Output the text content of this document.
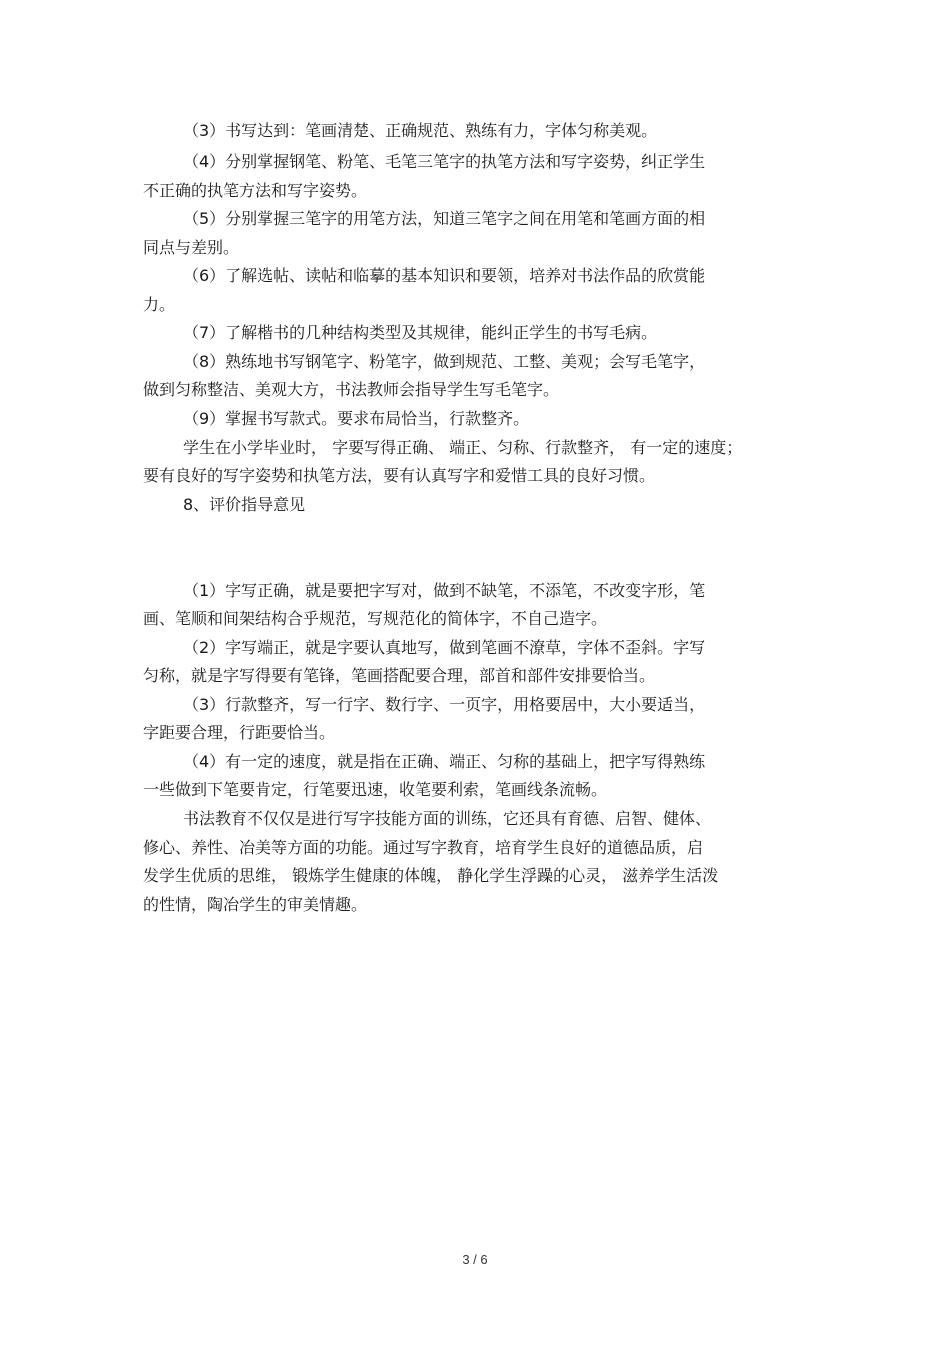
（3）书写达到：笔画清楚、正确规范、熟练有力，字体匀称美观。
（4）分别掌握钢笔、粉笔、毛笔三笔字的执笔方法和写字姿势，纠正学生
不正确的执笔方法和写字姿势。
（5）分别掌握三笔字的用笔方法，知道三笔字之间在用笔和笔画方面的相
同点与差别。
（6）了解选帖、读帖和临摹的基本知识和要领，培养对书法作品的欣赏能
力。
（7）了解楷书的几种结构类型及其规律，能纠正学生的书写毛病。
（8）熟练地书写钢笔字、粉笔字，做到规范、工整、美观；会写毛笔字，
做到匀称整洁、美观大方，书法教师会指导学生写毛笔字。
（9）掌握书写款式。要求布局恰当，行款整齐。
学生在小学毕业时， 字要写得正确、 端正、匀称、行款整齐， 有一定的速度；
要有良好的写字姿势和执笔方法，要有认真写字和爱惜工具的良好习惯。
8、评价指导意见
（1）字写正确，就是要把字写对，做到不缺笔，不添笔，不改变字形，笔
画、笔顺和间架结构合乎规范，写规范化的简体字，不自己造字。
（2）字写端正，就是字要认真地写，做到笔画不潦草，字体不歪斜。字写
匀称，就是字写得要有笔锋，笔画搭配要合理，部首和部件安排要恰当。
（3）行款整齐，写一行字、数行字、一页字，用格要居中，大小要适当，
字距要合理，行距要恰当。
（4）有一定的速度，就是指在正确、端正、匀称的基础上，把字写得熟练
一些做到下笔要肯定，行笔要迅速，收笔要利索，笔画线条流畅。
书法教育不仅仅是进行写字技能方面的训练，它还具有育德、启智、健体、
修心、养性、冶美等方面的功能。通过写字教育，培育学生良好的道德品质，启
发学生优质的思维， 锻炼学生健康的体魄， 静化学生浮躁的心灵， 滋养学生活泼
的性情，陶冶学生的审美情趣。
3 / 6
